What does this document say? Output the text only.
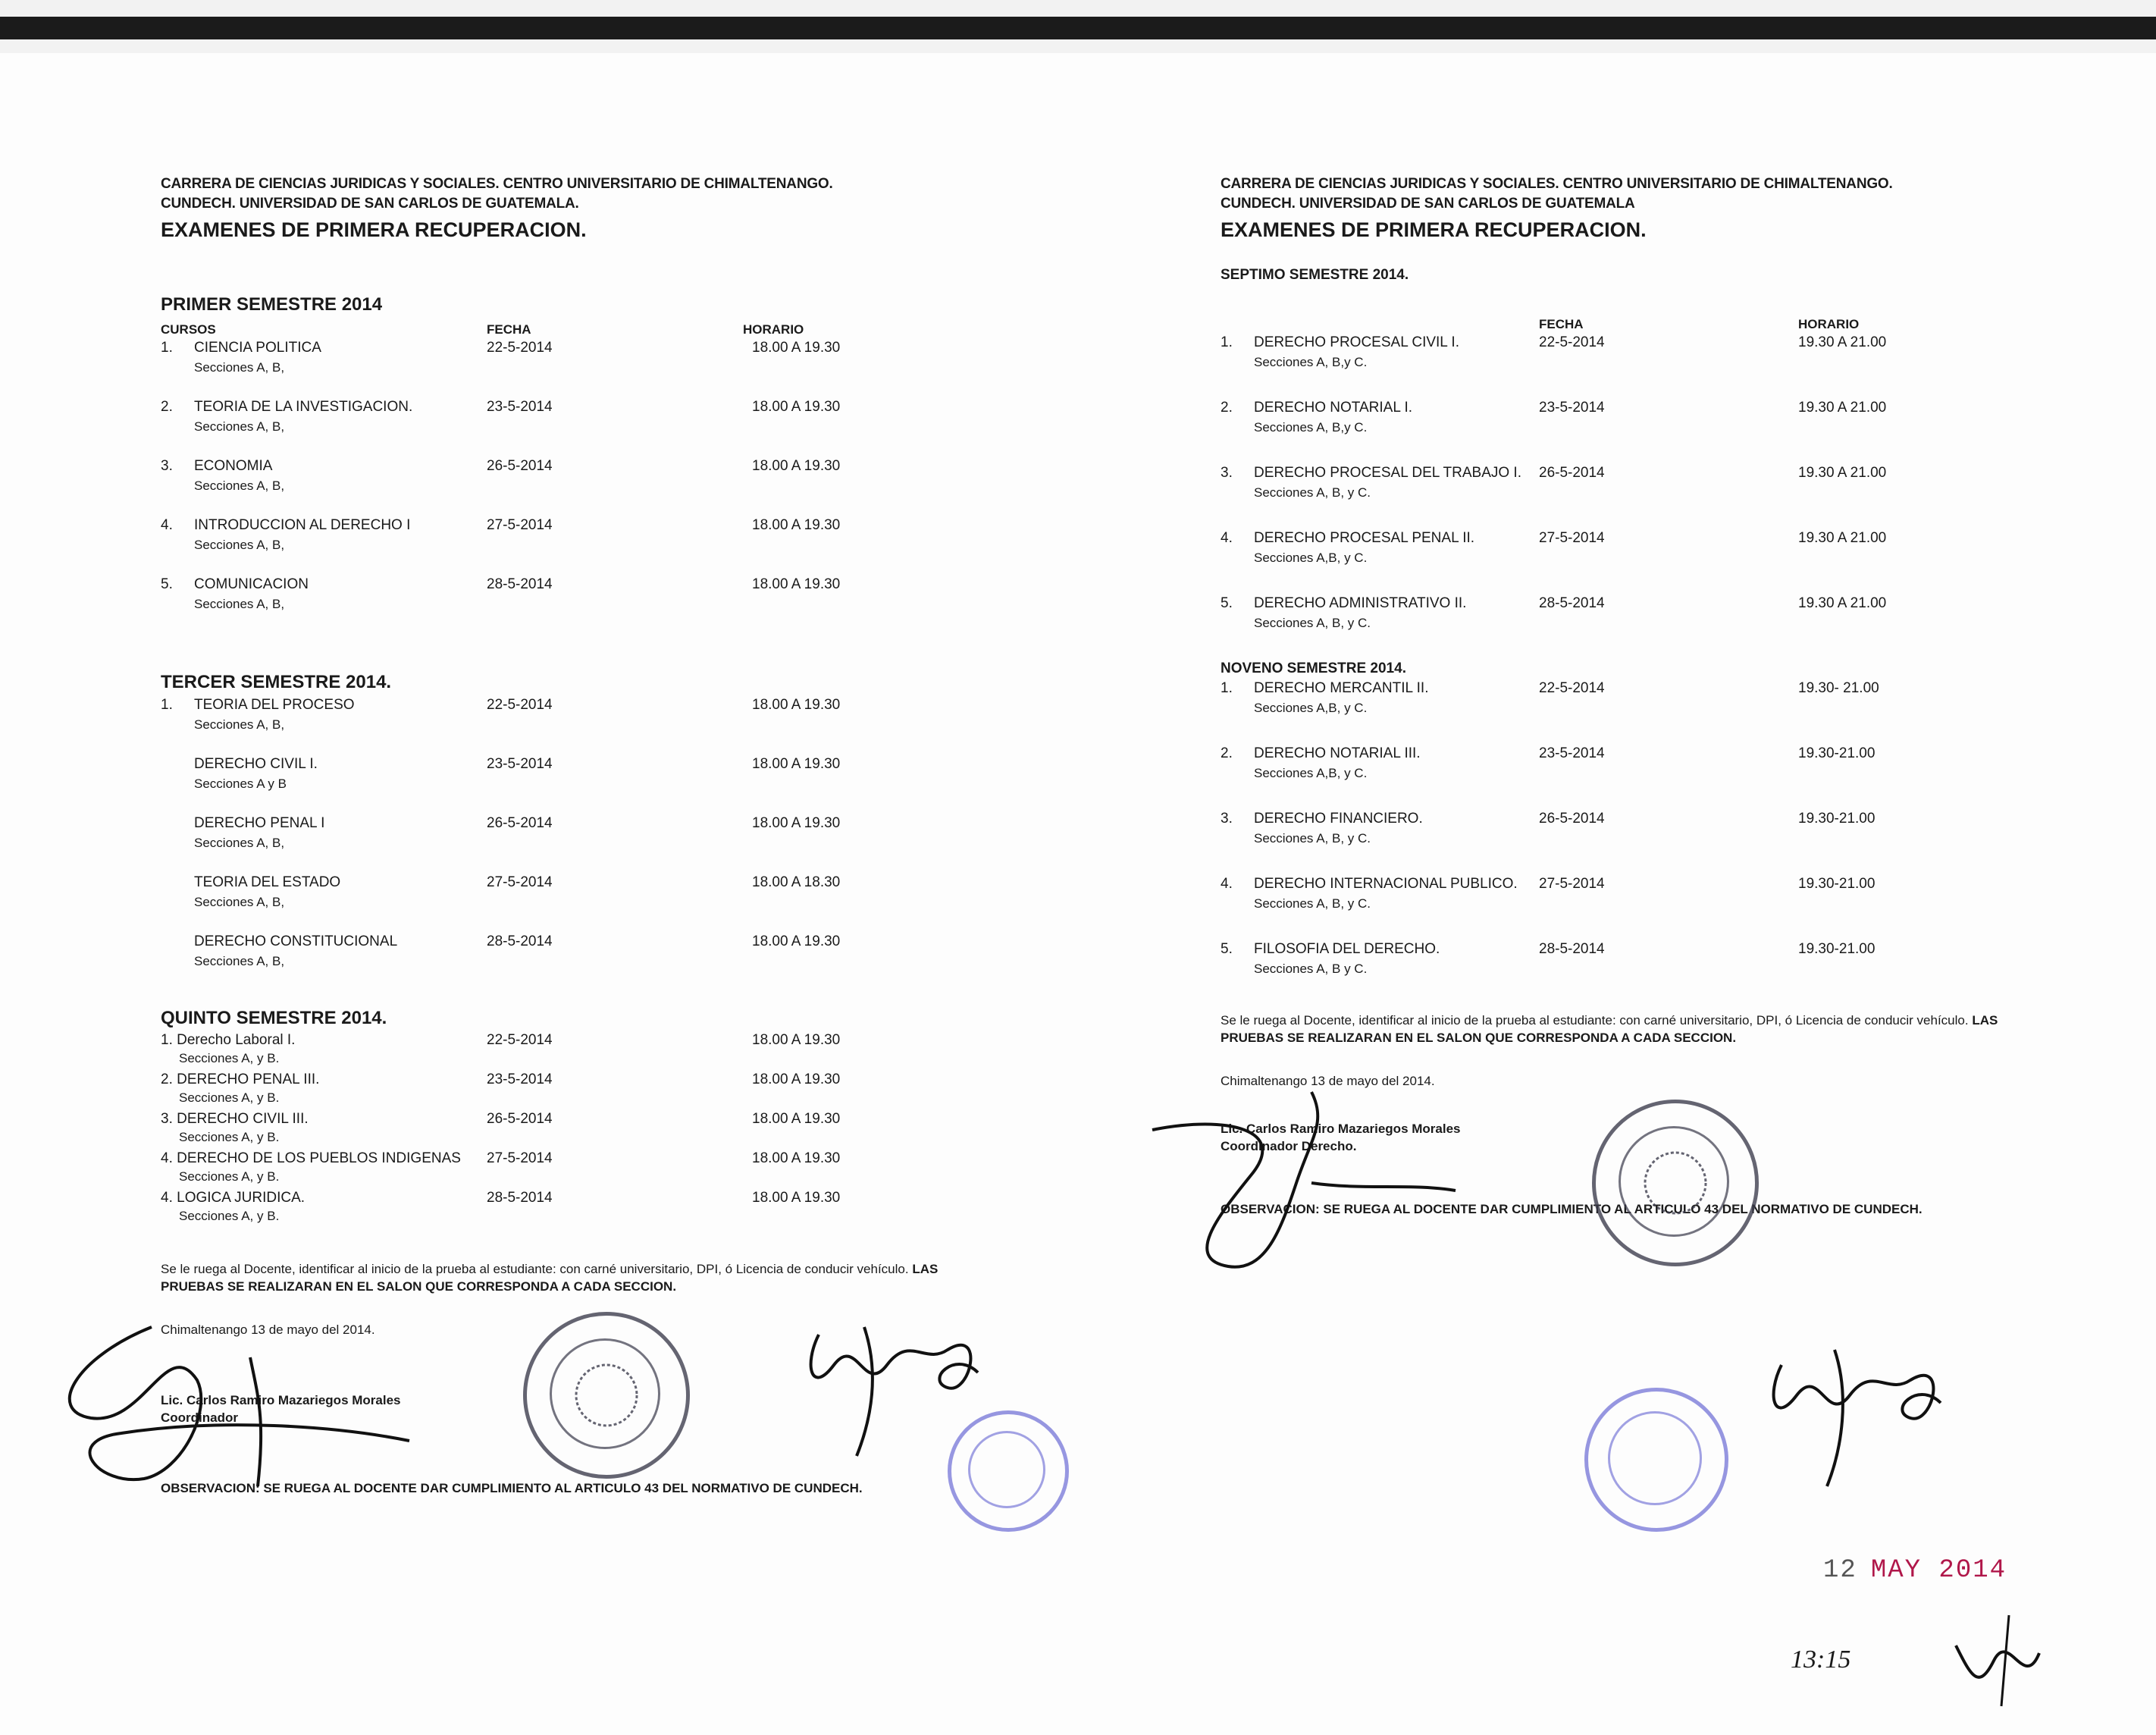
CARRERA DE CIENCIAS JURIDICAS Y SOCIALES. CENTRO UNIVERSITARIO DE CHIMALTENANGO.
CUNDECH. UNIVERSIDAD DE SAN CARLOS DE GUATEMALA.
EXAMENES DE PRIMERA RECUPERACION.
PRIMER SEMESTRE 2014
CURSOS	FECHA	HORARIO
1. CIENCIA POLITICA
Secciones A, B,
22-5-2014	18.00 A 19.30
2. TEORIA DE LA INVESTIGACION.
Secciones A, B,
23-5-2014	18.00 A 19.30
3. ECONOMIA
Secciones A, B,
26-5-2014	18.00 A 19.30
4. INTRODUCCION AL DERECHO I
Secciones A, B,
27-5-2014	18.00 A 19.30
5. COMUNICACION
Secciones A, B,
28-5-2014	18.00 A 19.30
TERCER SEMESTRE 2014.
1. TEORIA DEL PROCESO
Secciones A, B,
22-5-2014	18.00 A 19.30
DERECHO CIVIL I.
Secciones A y B
23-5-2014	18.00 A 19.30
DERECHO PENAL I
Secciones A, B,
26-5-2014	18.00 A 19.30
TEORIA DEL ESTADO
Secciones A, B,
27-5-2014	18.00 A 18.30
DERECHO CONSTITUCIONAL
Secciones A, B,
28-5-2014	18.00 A 19.30
QUINTO SEMESTRE 2014.
1. Derecho Laboral I.
Secciones A, y B.
22-5-2014	18.00 A 19.30
2. DERECHO PENAL III.
Secciones A, y B.
23-5-2014	18.00 A 19.30
3. DERECHO CIVIL III.
Secciones A, y B.
26-5-2014	18.00 A 19.30
4. DERECHO DE LOS PUEBLOS INDIGENAS
Secciones A, y B.
27-5-2014	18.00 A 19.30
4. LOGICA JURIDICA.
Secciones A, y B.
28-5-2014	18.00 A 19.30
Se le ruega al Docente, identificar al inicio de la prueba al estudiante: con carné universitario, DPI, ó Licencia de conducir vehículo. LAS PRUEBAS SE REALIZARAN EN EL SALON QUE CORRESPONDA A CADA SECCION.
Chimaltenango 13 de mayo del 2014.
Lic. Carlos Ramiro Mazariegos Morales
Coordinador
OBSERVACION: SE RUEGA AL DOCENTE DAR CUMPLIMIENTO AL ARTICULO 43 DEL NORMATIVO DE CUNDECH.
CARRERA DE CIENCIAS JURIDICAS Y SOCIALES. CENTRO UNIVERSITARIO DE CHIMALTENANGO.
CUNDECH. UNIVERSIDAD DE SAN CARLOS DE GUATEMALA
EXAMENES DE PRIMERA RECUPERACION.
SEPTIMO SEMESTRE 2014.
FECHA	HORARIO
1. DERECHO PROCESAL CIVIL I.
Secciones A, B,y C.
22-5-2014	19.30 A 21.00
2. DERECHO NOTARIAL I.
Secciones A, B,y C.
23-5-2014	19.30 A 21.00
3. DERECHO PROCESAL DEL TRABAJO I.
Secciones A, B, y C.
26-5-2014	19.30 A 21.00
4. DERECHO PROCESAL PENAL II.
Secciones A,B, y C.
27-5-2014	19.30 A 21.00
5. DERECHO ADMINISTRATIVO II.
Secciones A, B, y C.
28-5-2014	19.30 A 21.00
NOVENO SEMESTRE 2014.
1. DERECHO MERCANTIL II.
Secciones A,B, y C.
22-5-2014	19.30- 21.00
2. DERECHO NOTARIAL III.
Secciones A,B, y C.
23-5-2014	19.30-21.00
3. DERECHO FINANCIERO.
Secciones A, B, y C.
26-5-2014	19.30-21.00
4. DERECHO INTERNACIONAL PUBLICO.
Secciones A, B, y C.
27-5-2014	19.30-21.00
5. FILOSOFIA DEL DERECHO.
Secciones A, B y C.
28-5-2014	19.30-21.00
Se le ruega al Docente, identificar al inicio de la prueba al estudiante: con carné universitario, DPI, ó Licencia de conducir vehículo. LAS PRUEBAS SE REALIZARAN EN EL SALON QUE CORRESPONDA A CADA SECCION.
Chimaltenango 13 de mayo del 2014.
Lic. Carlos Ramiro Mazariegos Morales
Coordinador Derecho.
OBSERVACION: SE RUEGA AL DOCENTE DAR CUMPLIMIENTO AL ARTICULO 43 DEL NORMATIVO DE CUNDECH.
12 MAY 2014
13:15
